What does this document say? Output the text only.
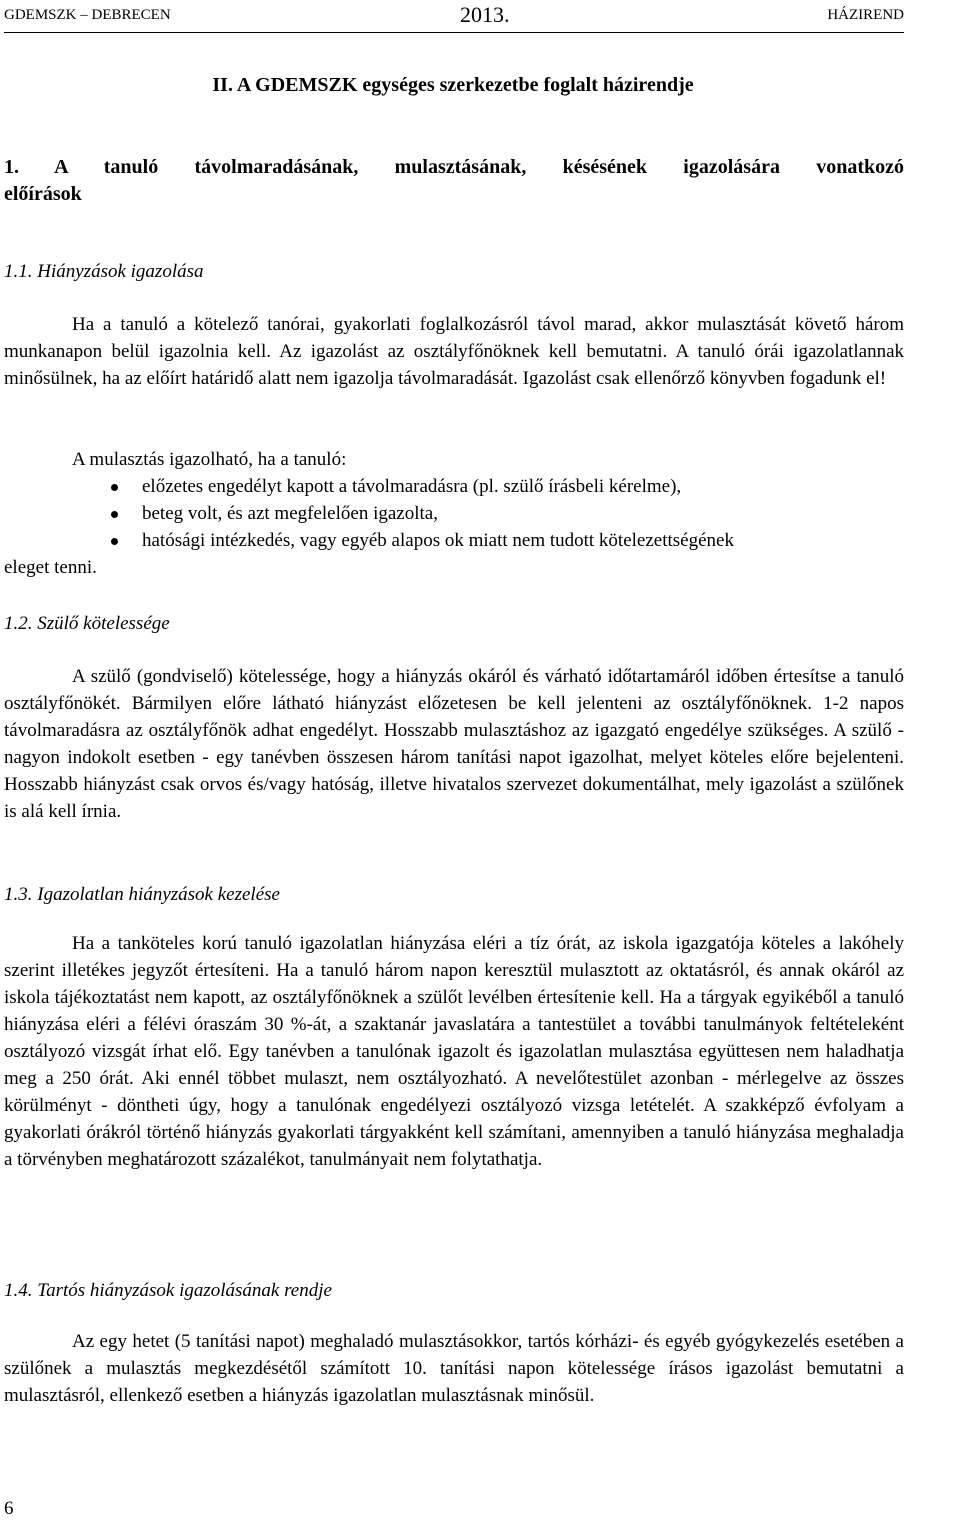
GDEMSZK – DEBRECEN	2013.	HÁZIREND
II. A GDEMSZK egységes szerkezetbe foglalt házirendje

1. A tanuló távolmaradásának, mulasztásának, késésének igazolására vonatkozó

előírások

1.1. Hiányzások igazolása

Ha a tanuló a kötelező tanórai, gyakorlati foglalkozásról távol marad, akkor mulasztását követő három munkanapon belül igazolnia kell. Az igazolást az osztályfőnöknek kell bemutatni. A tanuló órái igazolatlannak minősülnek, ha az előírt határidő alatt nem igazolja távolmaradását. Igazolást csak ellenőrző könyvben fogadunk el!

A mulasztás igazolható, ha a tanuló:

előzetes engedélyt kapott a távolmaradásra (pl. szülő írásbeli kérelme),
beteg volt, és azt megfelelően igazolta,
hatósági intézkedés, vagy egyéb alapos ok miatt nem tudott kötelezettségének

eleget tenni.

1.2. Szülő kötelessége

A szülő (gondviselő) kötelessége, hogy a hiányzás okáról és várható időtartamáról időben értesítse a tanuló osztályfőnökét. Bármilyen előre látható hiányzást előzetesen be kell jelenteni az osztályfőnöknek. 1-2 napos távolmaradásra az osztályfőnök adhat engedélyt. Hosszabb mulasztáshoz az igazgató engedélye szükséges. A szülő - nagyon indokolt esetben - egy tanévben összesen három tanítási napot igazolhat, melyet köteles előre bejelenteni. Hosszabb hiányzást csak orvos és/vagy hatóság, illetve hivatalos szervezet dokumentálhat, mely igazolást a szülőnek is alá kell írnia.

1.3. Igazolatlan hiányzások kezelése

Ha a tanköteles korú tanuló igazolatlan hiányzása eléri a tíz órát, az iskola igazgatója köteles a lakóhely szerint illetékes jegyzőt értesíteni. Ha a tanuló három napon keresztül mulasztott az oktatásról, és annak okáról az iskola tájékoztatást nem kapott, az osztályfőnöknek a szülőt levélben értesítenie kell. Ha a tárgyak egyikéből a tanuló hiányzása eléri a félévi óraszám 30 %-át, a szaktanár javaslatára a tantestület a további tanulmányok feltételeként osztályozó vizsgát írhat elő. Egy tanévben a tanulónak igazolt és igazolatlan mulasztása együttesen nem haladhatja meg a 250 órát. Aki ennél többet mulaszt, nem osztályozható. A nevelőtestület azonban - mérlegelve az összes körülményt - döntheti úgy, hogy a tanulónak engedélyezi osztályozó vizsga letételét. A szakképző évfolyam a gyakorlati órákról történő hiányzás gyakorlati tárgyakként kell számítani, amennyiben a tanuló hiányzása meghaladja a törvényben meghatározott százalékot, tanulmányait nem folytathatja.

1.4. Tartós hiányzások igazolásának rendje

Az egy hetet (5 tanítási napot) meghaladó mulasztásokkor, tartós kórházi- és egyéb gyógykezelés esetében a szülőnek a mulasztás megkezdésétől számított 10. tanítási napon kötelessége írásos igazolást bemutatni a mulasztásról, ellenkező esetben a hiányzás igazolatlan mulasztásnak minősül.

6
